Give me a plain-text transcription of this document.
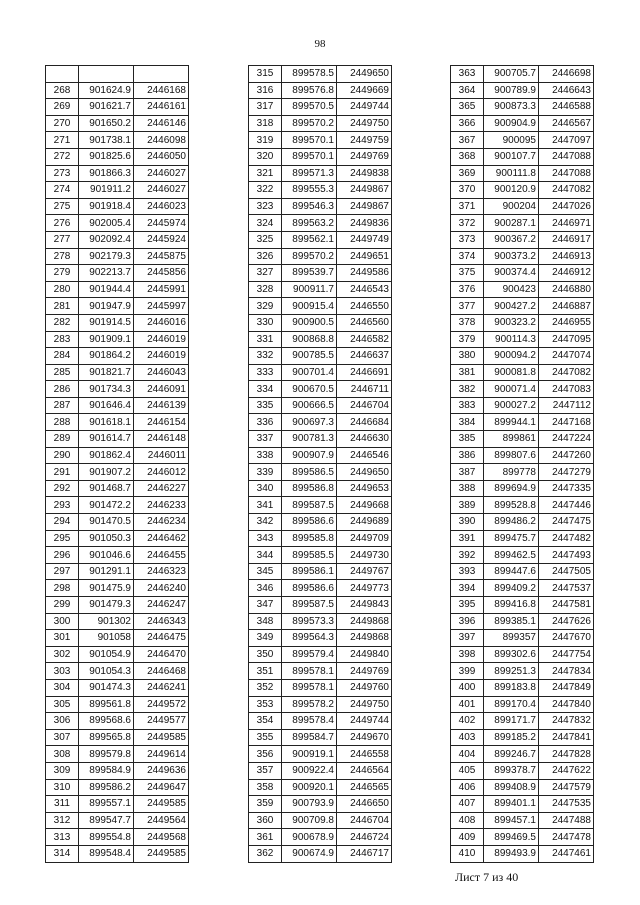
98

268	901624.9	2446168
269	901621.7	2446161
270	901650.2	2446146
271	901738.1	2446098
272	901825.6	2446050
273	901866.3	2446027
274	901911.2	2446027
275	901918.4	2446023
276	902005.4	2445974
277	902092.4	2445924
278	902179.3	2445875
279	902213.7	2445856
280	901944.4	2445991
281	901947.9	2445997
282	901914.5	2446016
283	901909.1	2446019
284	901864.2	2446019
285	901821.7	2446043
286	901734.3	2446091
287	901646.4	2446139
288	901618.1	2446154
289	901614.7	2446148
290	901862.4	2446011
291	901907.2	2446012
292	901468.7	2446227
293	901472.2	2446233
294	901470.5	2446234
295	901050.3	2446462
296	901046.6	2446455
297	901291.1	2446323
298	901475.9	2446240
299	901479.3	2446247
300	901302	2446343
301	901058	2446475
302	901054.9	2446470
303	901054.3	2446468
304	901474.3	2446241
305	899561.8	2449572
306	899568.6	2449577
307	899565.8	2449585
308	899579.8	2449614
309	899584.9	2449636
310	899586.2	2449647
311	899557.1	2449585
312	899547.7	2449564
313	899554.8	2449568
314	899548.4	2449585
315	899578.5	2449650
316	899576.8	2449669
317	899570.5	2449744
318	899570.2	2449750
319	899570.1	2449759
320	899570.1	2449769
321	899571.3	2449838
322	899555.3	2449867
323	899546.3	2449867
324	899563.2	2449836
325	899562.1	2449749
326	899570.2	2449651
327	899539.7	2449586
328	900911.7	2446543
329	900915.4	2446550
330	900900.5	2446560
331	900868.8	2446582
332	900785.5	2446637
333	900701.4	2446691
334	900670.5	2446711
335	900666.5	2446704
336	900697.3	2446684
337	900781.3	2446630
338	900907.9	2446546
339	899586.5	2449650
340	899586.8	2449653
341	899587.5	2449668
342	899586.6	2449689
343	899585.8	2449709
344	899585.5	2449730
345	899586.1	2449767
346	899586.6	2449773
347	899587.5	2449843
348	899573.3	2449868
349	899564.3	2449868
350	899579.4	2449840
351	899578.1	2449769
352	899578.1	2449760
353	899578.2	2449750
354	899578.4	2449744
355	899584.7	2449670
356	900919.1	2446558
357	900922.4	2446564
358	900920.1	2446565
359	900793.9	2446650
360	900709.8	2446704
361	900678.9	2446724
362	900674.9	2446717
363	900705.7	2446698
364	900789.9	2446643
365	900873.3	2446588
366	900904.9	2446567
367	900095	2447097
368	900107.7	2447088
369	900111.8	2447088
370	900120.9	2447082
371	900204	2447026
372	900287.1	2446971
373	900367.2	2446917
374	900373.2	2446913
375	900374.4	2446912
376	900423	2446880
377	900427.2	2446887
378	900323.2	2446955
379	900114.3	2447095
380	900094.2	2447074
381	900081.8	2447082
382	900071.4	2447083
383	900027.2	2447112
384	899944.1	2447168
385	899861	2447224
386	899807.6	2447260
387	899778	2447279
388	899694.9	2447335
389	899528.8	2447446
390	899486.2	2447475
391	899475.7	2447482
392	899462.5	2447493
393	899447.6	2447505
394	899409.2	2447537
395	899416.8	2447581
396	899385.1	2447626
397	899357	2447670
398	899302.6	2447754
399	899251.3	2447834
400	899183.8	2447849
401	899170.4	2447840
402	899171.7	2447832
403	899185.2	2447841
404	899246.7	2447828
405	899378.7	2447622
406	899408.9	2447579
407	899401.1	2447535
408	899457.1	2447488
409	899469.5	2447478
410	899493.9	2447461
Лист 7 из 40
